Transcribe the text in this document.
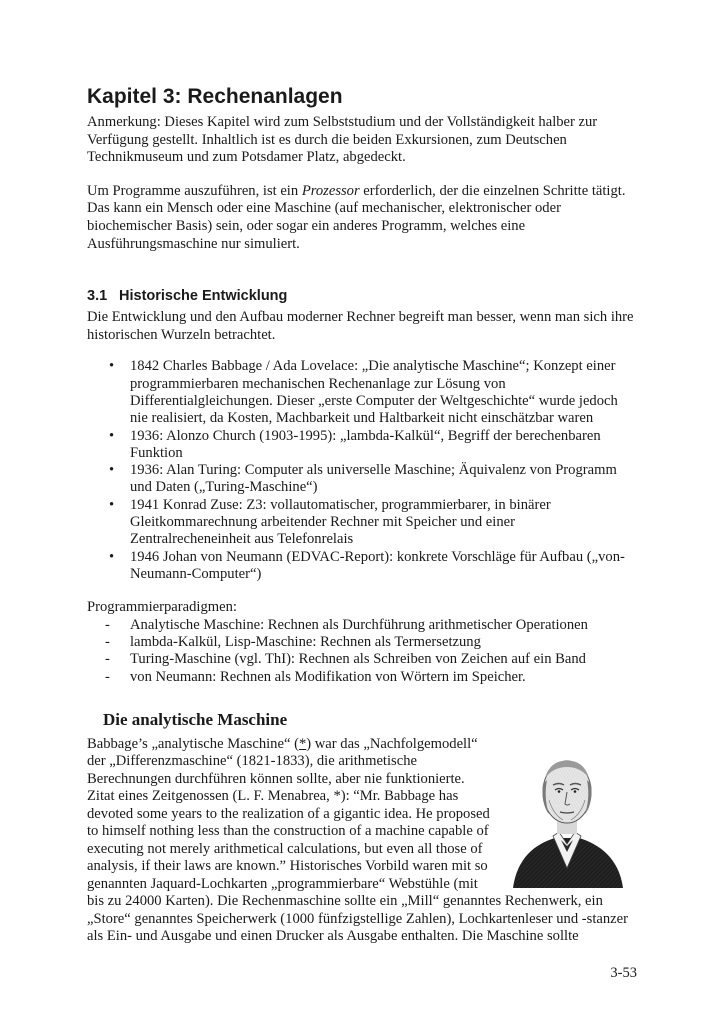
Kapitel 3: Rechenanlagen

Anmerkung: Dieses Kapitel wird zum Selbststudium und der Vollständigkeit halber zur Verfügung gestellt. Inhaltlich ist es durch die beiden Exkursionen, zum Deutschen Technikmuseum und zum Potsdamer Platz, abgedeckt.

Um Programme auszuführen, ist ein Prozessor erforderlich, der die einzelnen Schritte tätigt. Das kann ein Mensch oder eine Maschine (auf mechanischer, elektronischer oder biochemischer Basis) sein, oder sogar ein anderes Programm, welches eine Ausführungsmaschine nur simuliert.

3.1 Historische Entwicklung

Die Entwicklung und den Aufbau moderner Rechner begreift man besser, wenn man sich ihre historischen Wurzeln betrachtet.

• 1842 Charles Babbage / Ada Lovelace: „Die analytische Maschine“; Konzept einer programmierbaren mechanischen Rechenanlage zur Lösung von Differentialgleichungen. Dieser „erste Computer der Weltgeschichte“ wurde jedoch nie realisiert, da Kosten, Machbarkeit und Haltbarkeit nicht einschätzbar waren
• 1936: Alonzo Church (1903-1995): „lambda-Kalkül“, Begriff der berechenbaren Funktion
• 1936: Alan Turing: Computer als universelle Maschine; Äquivalenz von Programm und Daten („Turing-Maschine“)
• 1941 Konrad Zuse: Z3: vollautomatischer, programmierbarer, in binärer Gleitkommarechnung arbeitender Rechner mit Speicher und einer Zentralrecheneinheit aus Telefonrelais
• 1946 Johan von Neumann (EDVAC-Report): konkrete Vorschläge für Aufbau („von-Neumann-Computer“)

Programmierparadigmen:

- Analytische Maschine: Rechnen als Durchführung arithmetischer Operationen
- lambda-Kalkül, Lisp-Maschine: Rechnen als Termersetzung
- Turing-Maschine (vgl. ThI): Rechnen als Schreiben von Zeichen auf ein Band
- von Neumann: Rechnen als Modifikation von Wörtern im Speicher.
Die analytische Maschine

Babbage’s „analytische Maschine“ (*) war das „Nachfolgemodell“ der „Differenzmaschine“ (1821-1833), die arithmetische Berechnungen durchführen können sollte, aber nie funktionierte. Zitat eines Zeitgenossen (L. F. Menabrea, *): “Mr. Babbage has devoted some years to the realization of a gigantic idea. He proposed to himself nothing less than the construction of a machine capable of executing not merely arithmetical calculations, but even all those of analysis, if their laws are known.” Historisches Vorbild waren mit so genannten Jaquard-Lochkarten „programmierbare“ Webstühle (mit bis zu 24000 Karten). Die Rechenmaschine sollte ein „Mill“ genanntes Rechenwerk, ein „Store“ genanntes Speicherwerk (1000 fünfzigstellige Zahlen), Lochkartenleser und -stanzer als Ein- und Ausgabe und einen Drucker als Ausgabe enthalten. Die Maschine sollte

3-53
